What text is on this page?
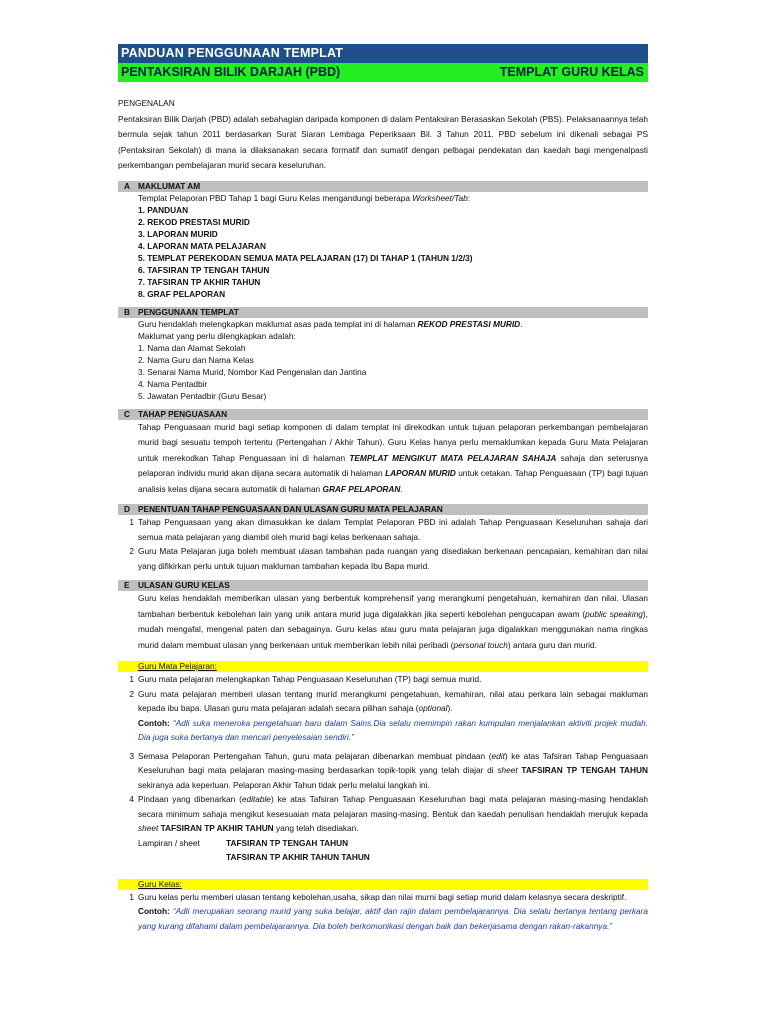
PANDUAN PENGGUNAAN TEMPLAT
PENTAKSIRAN BILIK DARJAH (PBD)	TEMPLAT GURU KELAS
PENGENALAN
Pentaksiran Bilik Darjah (PBD) adalah sebahagian daripada komponen di dalam Pentaksiran Berasaskan Sekolah (PBS). Pelaksanaannya telah bermula sejak tahun 2011 berdasarkan Surat Siaran Lembaga Peperiksaan Bil. 3 Tahun 2011. PBD sebelum ini dikenali sebagai PS (Pentaksiran Sekolah) di mana ia dilaksanakan secara formatif dan sumatif dengan pelbagai pendekatan dan kaedah bagi mengenalpasti perkembangan pembelajaran murid secara keseluruhan.
A MAKLUMAT AM
Templat Pelaporan PBD Tahap 1 bagi Guru Kelas mengandungi beberapa Worksheet/Tab:
1. PANDUAN
2. REKOD PRESTASI MURID
3. LAPORAN MURID
4. LAPORAN MATA PELAJARAN
5. TEMPLAT PEREKODAN SEMUA MATA PELAJARAN (17) DI TAHAP 1 (TAHUN 1/2/3)
6. TAFSIRAN TP TENGAH TAHUN
7. TAFSIRAN TP AKHIR TAHUN
8. GRAF PELAPORAN
B PENGGUNAAN TEMPLAT
Guru hendaklah melengkapkan maklumat asas pada templat ini di halaman REKOD PRESTASI MURID.
Maklumat yang perlu dilengkapkan adalah:
1. Nama dan Alamat Sekolah
2. Nama Guru dan Nama Kelas
3. Senarai Nama Murid, Nombor Kad Pengenalan dan Jantina
4. Nama Pentadbir
5. Jawatan Pentadbir (Guru Besar)
C TAHAP PENGUASAAN
Tahap Penguasaan murid bagi setiap komponen di dalam templat ini direkodkan untuk tujuan pelaporan perkembangan pembelajaran murid bagi sesuatu tempoh tertentu (Pertengahan / Akhir Tahun). Guru Kelas hanya perlu memaklumkan kepada Guru Mata Pelajaran untuk merekodkan Tahap Penguasaan ini di halaman TEMPLAT MENGIKUT MATA PELAJARAN SAHAJA sahaja dan seterusnya pelaporan individu murid akan dijana secara automatik di halaman LAPORAN MURID untuk cetakan. Tahap Penguasaan (TP) bagi tujuan analisis kelas dijana secara automatik di halaman GRAF PELAPORAN.
D PENENTUAN TAHAP PENGUASAAN DAN ULASAN GURU MATA PELAJARAN
1 Tahap Penguasaan yang akan dimasukkan ke dalam Templat Pelaporan PBD ini adalah Tahap Penguasaan Keseluruhan sahaja dari semua mata pelajaran yang diambil oleh murid bagi kelas berkenaan sahaja.
2 Guru Mata Pelajaran juga boleh membuat ulasan tambahan pada ruangan yang disediakan berkenaan pencapaian, kemahiran dan nilai yang difikirkan perlu untuk tujuan makluman tambahan kepada Ibu Bapa murid.
E	ULASAN GURU KELAS
Guru kelas hendaklah memberikan ulasan yang berbentuk komprehensif yang merangkumi pengetahuan, kemahiran dan nilai. Ulasan tambahan berbentuk kebolehan lain yang unik antara murid juga digalakkan jika seperti kebolehan pengucapan awam (public speaking), mudah mengafal, mengenal paten dan sebagainya. Guru kelas atau guru mata pelajaran juga digalakkan menggunakan nama ringkas murid dalam membuat ulasan yang berkenaan untuk memberikan lebih nilai peribadi (personal touch) antara guru dan murid.
Guru Mata Pelajaran:
1 Guru mata pelajaran melengkapkan Tahap Penguasaan Keseluruhan (TP) bagi semua murid.
2 Guru mata pelajaran memberi ulasan tentang murid merangkumi pengetahuan, kemahiran, nilai atau perkara lain sebagai makluman kepada ibu bapa. Ulasan guru mata pelajaran adalah secara pilihan sahaja (optional).
Contoh: “Adli suka meneroka pengetahuan baru dalam Sains.Dia selalu memimpin rakan kumpulan menjalankan aktiviti projek mudah. Dia juga suka bertanya dan mencari penyelesaian sendiri.”
3 Semasa Pelaporan Pertengahan Tahun, guru mata pelajaran dibenarkan membuat pindaan (edit) ke atas Tafsiran Tahap Penguasaan Keseluruhan bagi mata pelajaran masing-masing berdasarkan topik-topik yang telah diajar di sheet TAFSIRAN TP TENGAH TAHUN sekiranya ada keperluan. Pelaporan Akhir Tahun tidak perlu melalui langkah ini.
4 Pindaan yang dibenarkan (editable) ke atas Tafsiran Tahap Penguasaan Keseluruhan bagi mata pelajaran masing-masing hendaklah secara minimum sahaja mengikut kesesuaian mata pelajaran masing-masing. Bentuk dan kaedah penulisan hendaklah merujuk kepada sheet TAFSIRAN TP AKHIR TAHUN yang telah disediakan.
Lampiran / sheet	TAFSIRAN TP TENGAH TAHUN
TAFSIRAN TP AKHIR TAHUN TAHUN
Guru Kelas:
1 Guru kelas perlu memberi ulasan tentang kebolehan,usaha, sikap dan nilai murni bagi setiap murid dalam kelasnya secara deskriptif.
Contoh: “Adli merupakan seorang murid yang suka belajar, aktif dan rajin dalam pembelajarannya. Dia selalu bertanya tentang perkara yang kurang difahami dalam pembelajarannya. Dia boleh berkomunikasi dengan baik dan bekerjasama dengan rakan-rakannya.”
